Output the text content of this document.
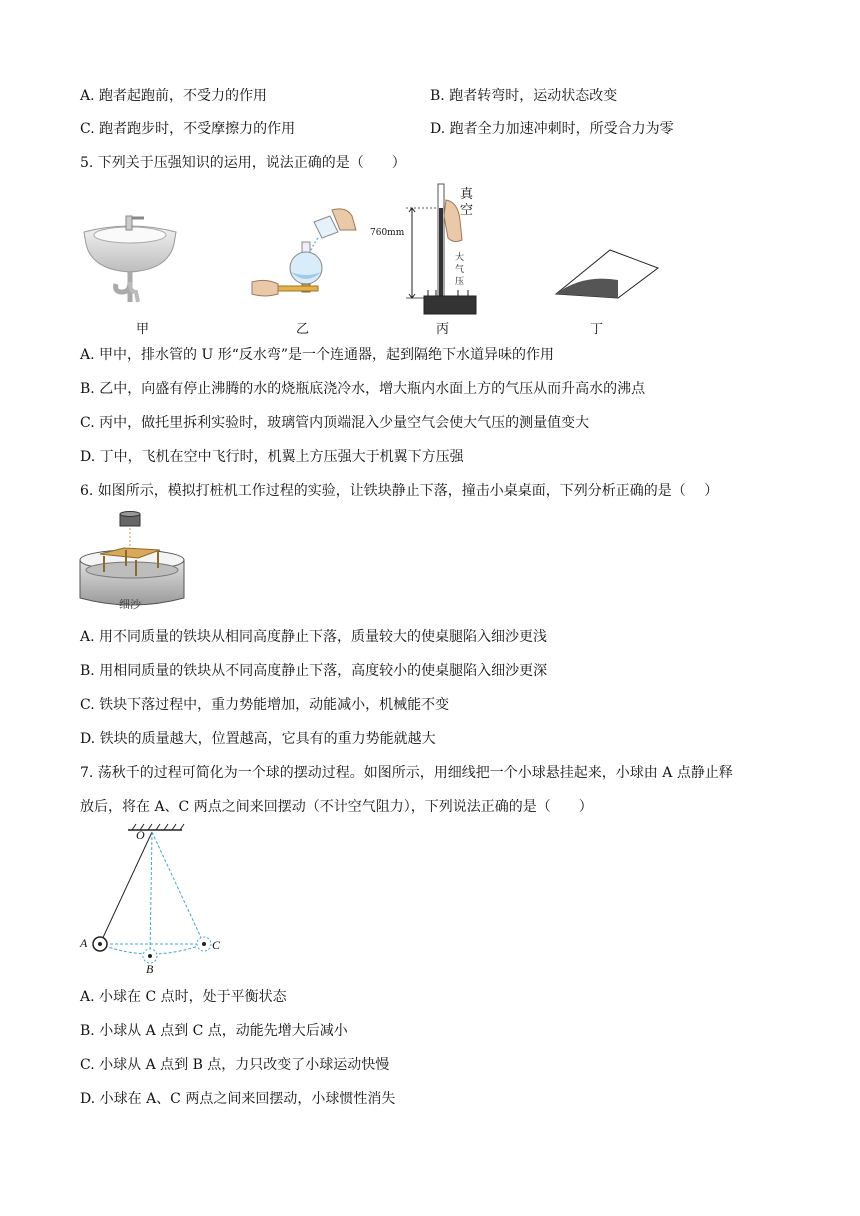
A. 跑者起跑前，不受力的作用	B. 跑者转弯时，运动状态改变
C. 跑者跑步时，不受摩擦力的作用	D. 跑者全力加速冲刺时，所受合力为零
5. 下列关于压强知识的运用，说法正确的是（　　）
甲	乙
真
空
760mm
大
气
压
丙	丁
A. 甲中，排水管的 U 形“反水弯”是一个连通器，起到隔绝下水道异味的作用
B. 乙中，向盛有停止沸腾的水的烧瓶底浇冷水，增大瓶内水面上方的气压从而升高水的沸点
C. 丙中，做托里拆利实验时，玻璃管内顶端混入少量空气会使大气压的测量值变大
D. 丁中，飞机在空中飞行时，机翼上方压强大于机翼下方压强
6. 如图所示，模拟打桩机工作过程的实验，让铁块静止下落，撞击小桌桌面，下列分析正确的是（　 ）
细沙
A. 用不同质量的铁块从相同高度静止下落，质量较大的使桌腿陷入细沙更浅
B. 用相同质量的铁块从不同高度静止下落，高度较小的使桌腿陷入细沙更深
C. 铁块下落过程中，重力势能增加，动能减小，机械能不变
D. 铁块的质量越大，位置越高，它具有的重力势能就越大
7. 荡秋千的过程可简化为一个球的摆动过程。如图所示，用细线把一个小球悬挂起来，小球由 A 点静止释
放后，将在 A、C 两点之间来回摆动（不计空气阻力），下列说法正确的是（　　）
O
A
B
C
A. 小球在 C 点时，处于平衡状态
B. 小球从 A 点到 C 点，动能先增大后减小
C. 小球从 A 点到 B 点，力只改变了小球运动快慢
D. 小球在 A、C 两点之间来回摆动，小球惯性消失
